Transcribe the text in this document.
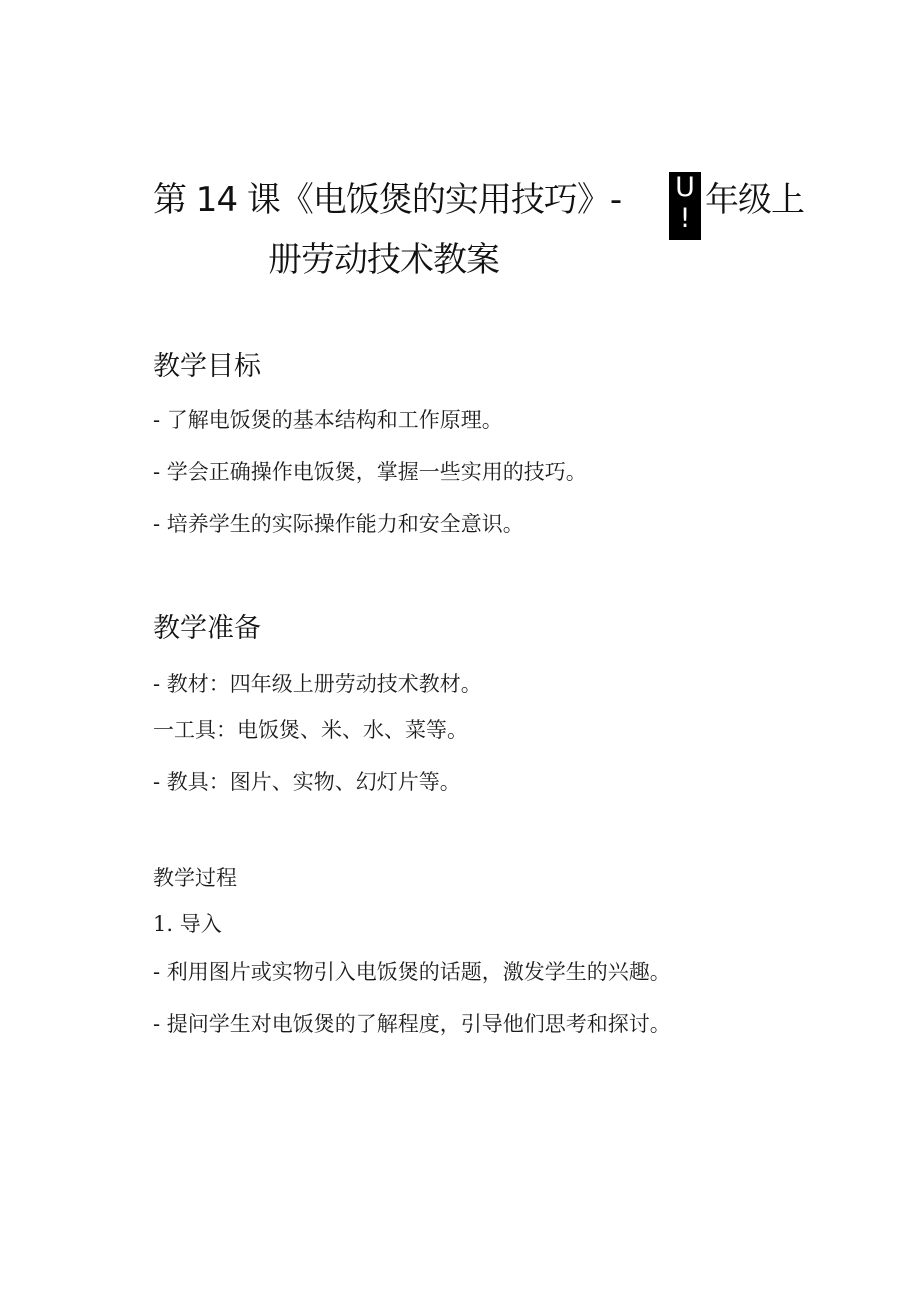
第 14 课《电饭煲的实用技巧》- U
! 年级上
册劳动技术教案
教学目标
- 了解电饭煲的基本结构和工作原理。
- 学会正确操作电饭煲，掌握一些实用的技巧。
- 培养学生的实际操作能力和安全意识。
教学准备
- 教材：四年级上册劳动技术教材。
一工具：电饭煲、米、水、菜等。
- 教具：图片、实物、幻灯片等。
教学过程
1. 导入
- 利用图片或实物引入电饭煲的话题，激发学生的兴趣。
- 提问学生对电饭煲的了解程度，引导他们思考和探讨。
